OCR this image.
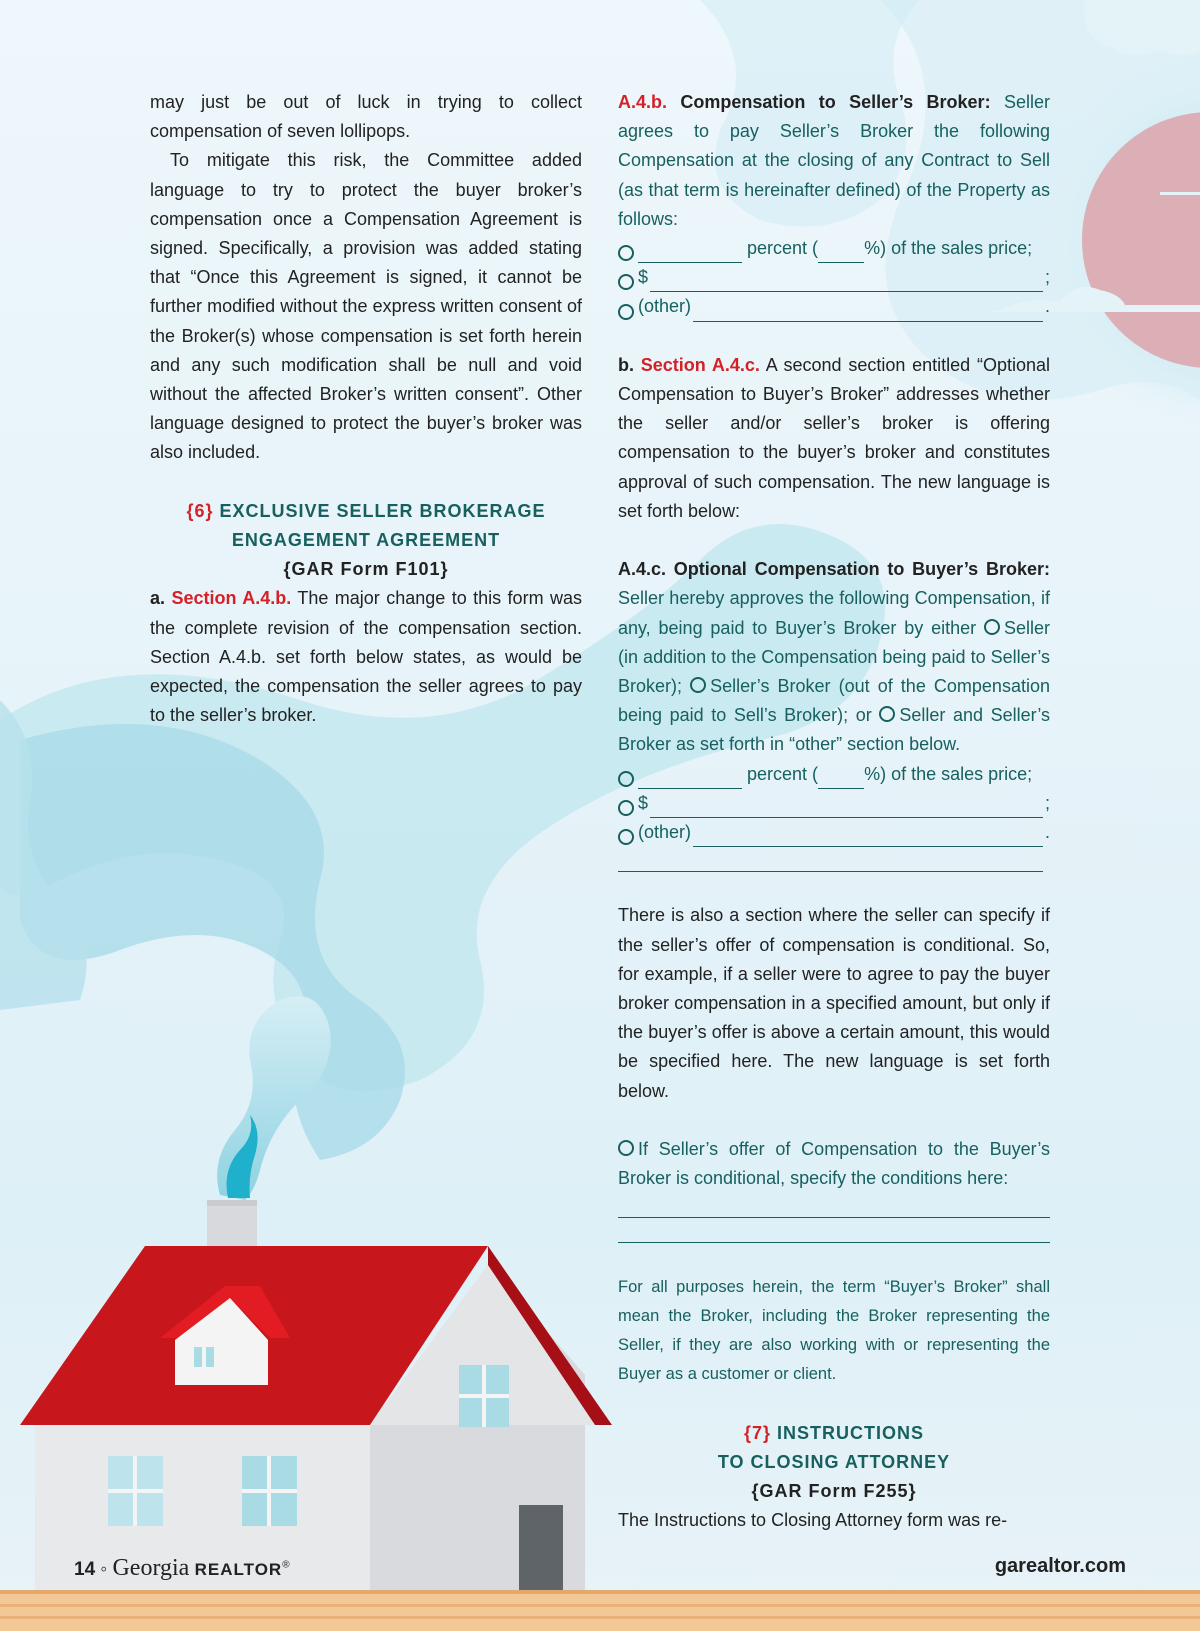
may just be out of luck in trying to collect compensation of seven lollipops.

To mitigate this risk, the Committee added language to try to protect the buyer broker’s compensation once a Compensation Agreement is signed. Specifically, a provision was added stating that “Once this Agreement is signed, it cannot be further modified without the express written consent of the Broker(s) whose compensation is set forth herein and any such modification shall be null and void without the affected Broker’s written consent”. Other language designed to protect the buyer’s broker was also included.

{6} EXCLUSIVE SELLER BROKERAGE
ENGAGEMENT AGREEMENT
{GAR Form F101}

a. Section A.4.b. The major change to this form was the complete revision of the compensation section. Section A.4.b. set forth below states, as would be expected, the compensation the seller agrees to pay to the seller’s broker.

A.4.b. Compensation to Seller’s Broker: Seller agrees to pay Seller’s Broker the following Compensation at the closing of any Contract to Sell (as that term is hereinafter defined) of the Property as follows:

percent (	%) of the sales price;
$	;
(other)	.

b. Section A.4.c. A second section entitled “Optional Compensation to Buyer’s Broker” addresses whether the seller and/or seller’s broker is offering compensation to the buyer’s broker and constitutes approval of such compensation. The new language is set forth below:

A.4.c. Optional Compensation to Buyer’s Broker: Seller hereby approves the following Compensation, if any, being paid to Buyer’s Broker by either Seller (in addition to the Compensation being paid to Seller’s Broker); Seller’s Broker (out of the Compensation being paid to Sell’s Broker); or Seller and Seller’s Broker as set forth in “other” section below.

percent (	%) of the sales price;
$	;
(other)	.

There is also a section where the seller can specify if the seller’s offer of compensation is conditional. So, for example, if a seller were to agree to pay the buyer broker compensation in a specified amount, but only if the buyer’s offer is above a certain amount, this would be specified here. The new language is set forth below.

If Seller’s offer of Compensation to the Buyer’s Broker is conditional, specify the conditions here:

For all purposes herein, the term “Buyer’s Broker” shall mean the Broker, including the Broker representing the Seller, if they are also working with or representing the Buyer as a customer or client.

{7} INSTRUCTIONS
TO CLOSING ATTORNEY
{GAR Form F255}

The Instructions to Closing Attorney form was re-

14 ◦ Georgia REALTOR®	garealtor.com
